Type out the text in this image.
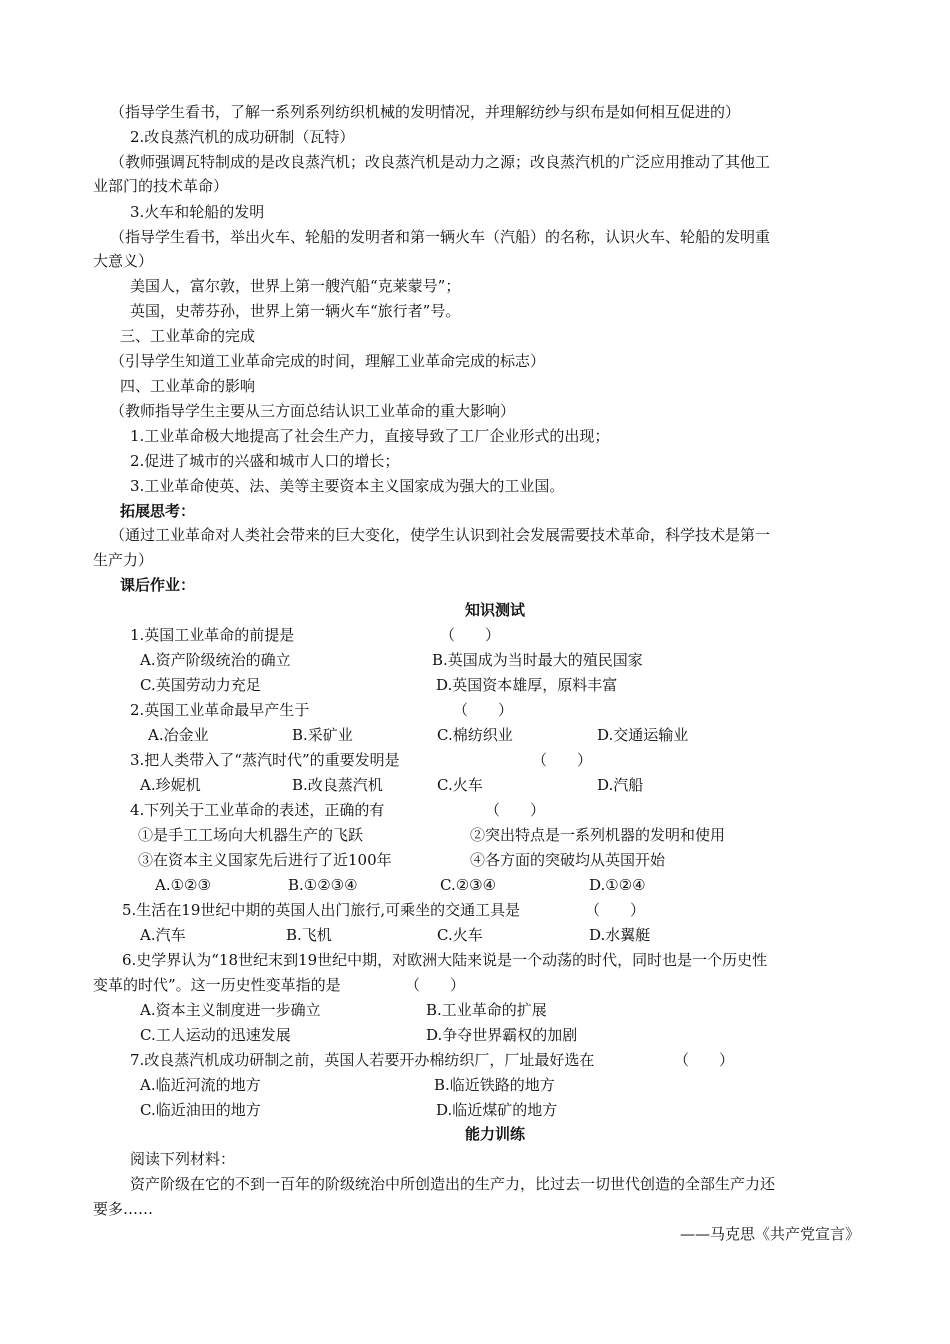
（指导学生看书，了解一系列系列纺织机械的发明情况，并理解纺纱与织布是如何相互促进的）
2.改良蒸汽机的成功研制（瓦特）
（教师强调瓦特制成的是改良蒸汽机；改良蒸汽机是动力之源；改良蒸汽机的广泛应用推动了其他工
业部门的技术革命）
3.火车和轮船的发明
（指导学生看书，举出火车、轮船的发明者和第一辆火车（汽船）的名称，认识火车、轮船的发明重
大意义）
美国人，富尔敦，世界上第一艘汽船“克莱蒙号”；
英国，史蒂芬孙，世界上第一辆火车“旅行者”号。
三、工业革命的完成
（引导学生知道工业革命完成的时间，理解工业革命完成的标志）
四、工业革命的影响
（教师指导学生主要从三方面总结认识工业革命的重大影响）
1.工业革命极大地提高了社会生产力，直接导致了工厂企业形式的出现；
2.促进了城市的兴盛和城市人口的增长；
3.工业革命使英、法、美等主要资本主义国家成为强大的工业国。
拓展思考：
（通过工业革命对人类社会带来的巨大变化，使学生认识到社会发展需要技术革命，科学技术是第一
生产力）
课后作业：
知识测试
1.英国工业革命的前提是	（　　）
A.资产阶级统治的确立	B.英国成为当时最大的殖民国家
C.英国劳动力充足	D.英国资本雄厚，原料丰富
2.英国工业革命最早产生于	（　　）
A.冶金业	B.采矿业	C.棉纺织业	D.交通运输业
3.把人类带入了“蒸汽时代”的重要发明是	（　　）
A.珍妮机	B.改良蒸汽机	C.火车	D.汽船
4.下列关于工业革命的表述，正确的有	（　　）
①是手工工场向大机器生产的飞跃	②突出特点是一系列机器的发明和使用
③在资本主义国家先后进行了近100年	④各方面的突破均从英国开始
A.①②③	B.①②③④	C.②③④	D.①②④
5.生活在19世纪中期的英国人出门旅行,可乘坐的交通工具是	（　　）
A.汽车	B.飞机	C.火车	D.水翼艇
6.史学界认为“18世纪末到19世纪中期，对欧洲大陆来说是一个动荡的时代，同时也是一个历史性
变革的时代”。这一历史性变革指的是	（　　）
A.资本主义制度进一步确立	B.工业革命的扩展
C.工人运动的迅速发展	D.争夺世界霸权的加剧
7.改良蒸汽机成功研制之前，英国人若要开办棉纺织厂，厂址最好选在	（　　）
A.临近河流的地方	B.临近铁路的地方
C.临近油田的地方	D.临近煤矿的地方
能力训练
阅读下列材料：
资产阶级在它的不到一百年的阶级统治中所创造出的生产力，比过去一切世代创造的全部生产力还
要多……
——马克思《共产党宣言》
